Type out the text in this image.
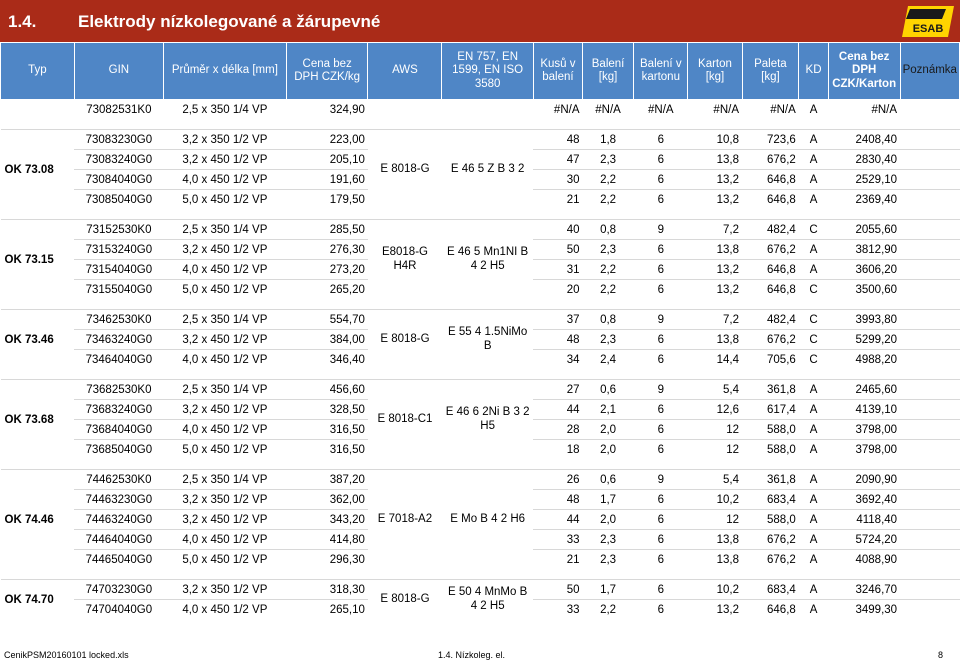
1.4. Elektrody nízkolegované a žárupevné	ESAB
Typ	GIN	Průměr x délka [mm]	Cena bez DPH CZK/kg	AWS	EN 757, EN 1599, EN ISO 3580	Kusů v balení	Balení [kg]	Balení v kartonu	Karton [kg]	Paleta [kg]	KD	Cena bez DPH CZK/Karton	Poznámka
	73082531K0	2,5 x 350 1/4 VP	324,90			#N/A	#N/A	#N/A	#N/A	#N/A	A	#N/A	

OK 73.08	73083230G0	3,2 x 350 1/2 VP	223,00	E 8018-G	E 46 5 Z B 3 2	48	1,8	6	10,8	723,6	A	2408,40	
	73083240G0	3,2 x 450 1/2 VP	205,10			47	2,3	6	13,8	676,2	A	2830,40	
	73084040G0	4,0 x 450 1/2 VP	191,60			30	2,2	6	13,2	646,8	A	2529,10	
	73085040G0	5,0 x 450 1/2 VP	179,50			21	2,2	6	13,2	646,8	A	2369,40	

OK 73.15	73152530K0	2,5 x 350 1/4 VP	285,50	E8018-G H4R	E 46 5 Mn1NI B 4 2 H5	40	0,8	9	7,2	482,4	C	2055,60	
	73153240G0	3,2 x 450 1/2 VP	276,30			50	2,3	6	13,8	676,2	A	3812,90	
	73154040G0	4,0 x 450 1/2 VP	273,20			31	2,2	6	13,2	646,8	A	3606,20	
	73155040G0	5,0 x 450 1/2 VP	265,20			20	2,2	6	13,2	646,8	C	3500,60	

OK 73.46	73462530K0	2,5 x 350 1/4 VP	554,70	E 8018-G	E 55 4 1.5NiMo B	37	0,8	9	7,2	482,4	C	3993,80	
	73463240G0	3,2 x 450 1/2 VP	384,00			48	2,3	6	13,8	676,2	C	5299,20	
	73464040G0	4,0 x 450 1/2 VP	346,40			34	2,4	6	14,4	705,6	C	4988,20	

OK 73.68	73682530K0	2,5 x 350 1/4 VP	456,60	E 8018-C1	E 46 6 2Ni B 3 2 H5	27	0,6	9	5,4	361,8	A	2465,60	
	73683240G0	3,2 x 450 1/2 VP	328,50			44	2,1	6	12,6	617,4	A	4139,10	
	73684040G0	4,0 x 450 1/2 VP	316,50			28	2,0	6	12	588,0	A	3798,00	
	73685040G0	5,0 x 450 1/2 VP	316,50			18	2,0	6	12	588,0	A	3798,00	

OK 74.46	74462530K0	2,5 x 350 1/4 VP	387,20	E 7018-A2	E Mo B 4 2 H6	26	0,6	9	5,4	361,8	A	2090,90	
	74463230G0	3,2 x 350 1/2 VP	362,00			48	1,7	6	10,2	683,4	A	3692,40	
	74463240G0	3,2 x 450 1/2 VP	343,20			44	2,0	6	12	588,0	A	4118,40	
	74464040G0	4,0 x 450 1/2 VP	414,80			33	2,3	6	13,8	676,2	A	5724,20	
	74465040G0	5,0 x 450 1/2 VP	296,30			21	2,3	6	13,8	676,2	A	4088,90	

OK 74.70	74703230G0	3,2 x 350 1/2 VP	318,30	E 8018-G	E 50 4 MnMo B 4 2 H5	50	1,7	6	10,2	683,4	A	3246,70	
	74704040G0	4,0 x 450 1/2 VP	265,10			33	2,2	6	13,2	646,8	A	3499,30	
CenikPSM20160101 locked.xls	1.4. Nízkoleg. el.	8
